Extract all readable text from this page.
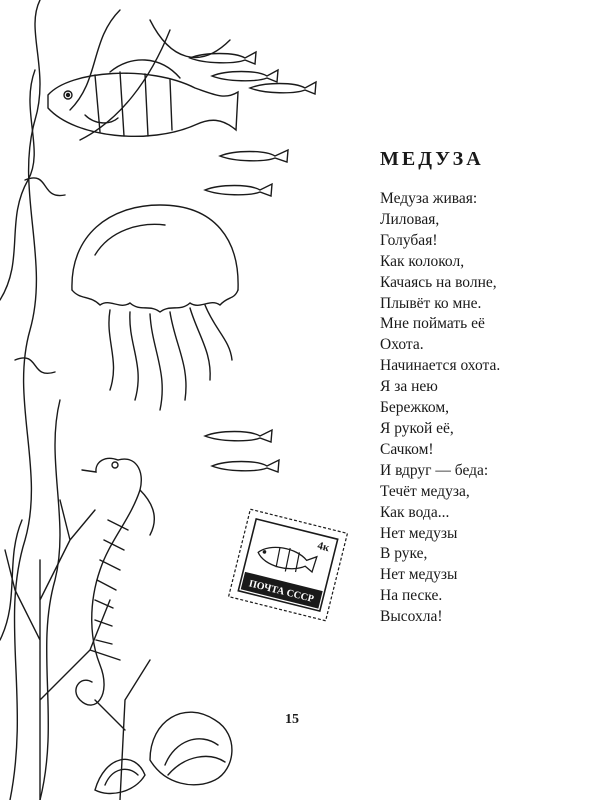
4к
ПОЧТА СССР
МЕДУЗА
Медуза живая:
Лиловая,
Голубая!
Как колокол,
Качаясь на волне,
Плывёт ко мне.
Мне поймать её
Охота.
Начинается охота.
Я за нею
Бережком,
Я рукой её,
Сачком!
И вдруг — беда:
Течёт медуза,
Как вода...
Нет медузы
В руке,
Нет медузы
На песке.
Высохла!
15
